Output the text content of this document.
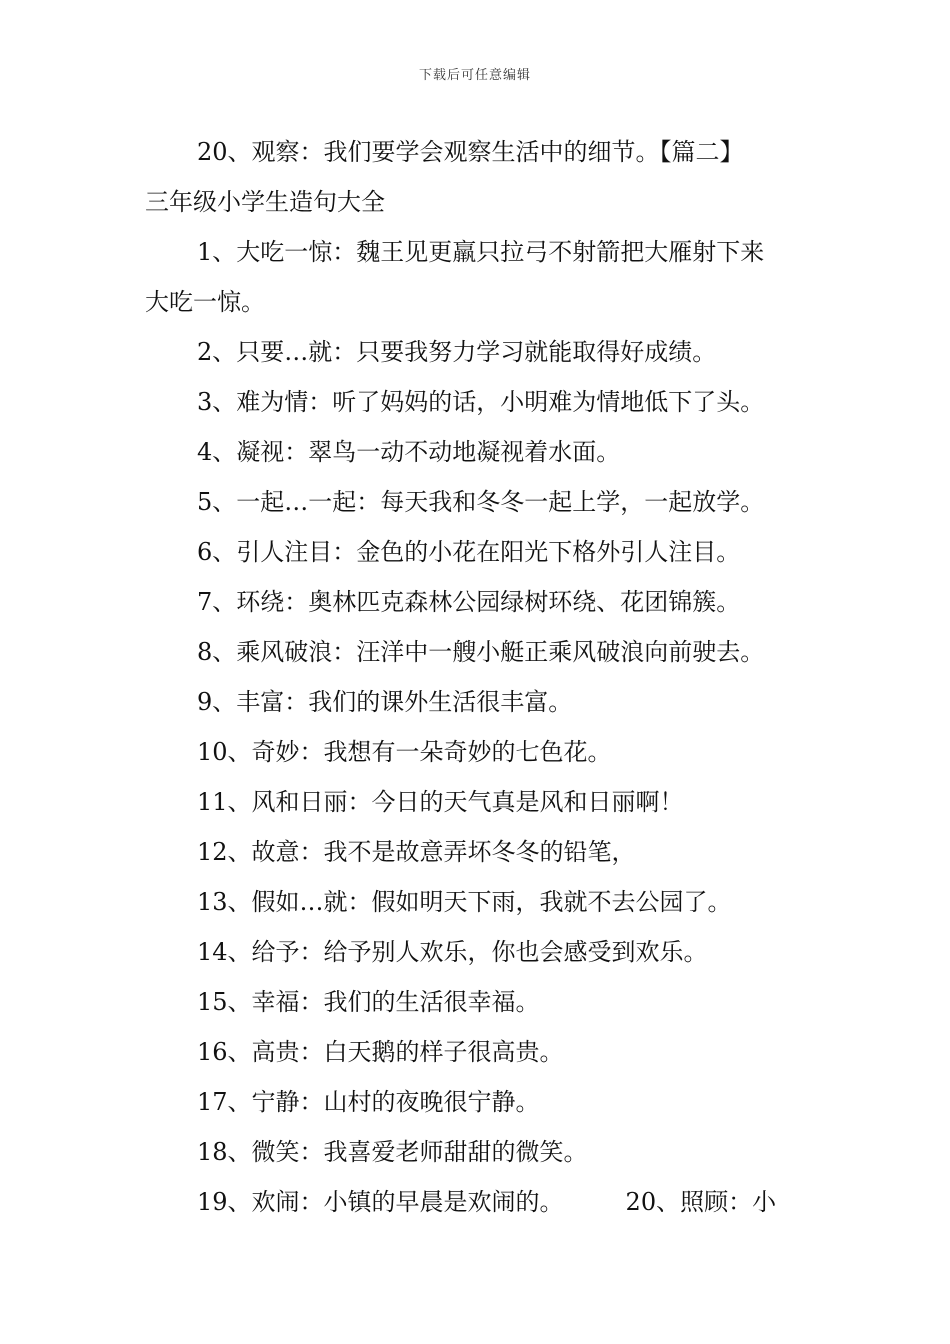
下载后可任意编辑
20、观察：我们要学会观察生活中的细节。【篇二】
三年级小学生造句大全
1、大吃一惊：魏王见更羸只拉弓不射箭把大雁射下来
大吃一惊。
2、只要…就：只要我努力学习就能取得好成绩。
3、难为情：听了妈妈的话，小明难为情地低下了头。
4、凝视：翠鸟一动不动地凝视着水面。
5、一起…一起：每天我和冬冬一起上学，一起放学。
6、引人注目：金色的小花在阳光下格外引人注目。
7、环绕：奥林匹克森林公园绿树环绕、花团锦簇。
8、乘风破浪：汪洋中一艘小艇正乘风破浪向前驶去。
9、丰富：我们的课外生活很丰富。
10、奇妙：我想有一朵奇妙的七色花。
11、风和日丽：今日的天气真是风和日丽啊！
12、故意：我不是故意弄坏冬冬的铅笔，
13、假如…就：假如明天下雨，我就不去公园了。
14、给予：给予别人欢乐，你也会感受到欢乐。
15、幸福：我们的生活很幸福。
16、高贵：白天鹅的样子很高贵。
17、宁静：山村的夜晚很宁静。
18、微笑：我喜爱老师甜甜的微笑。
19、欢闹：小镇的早晨是欢闹的。	20、照顾：小
